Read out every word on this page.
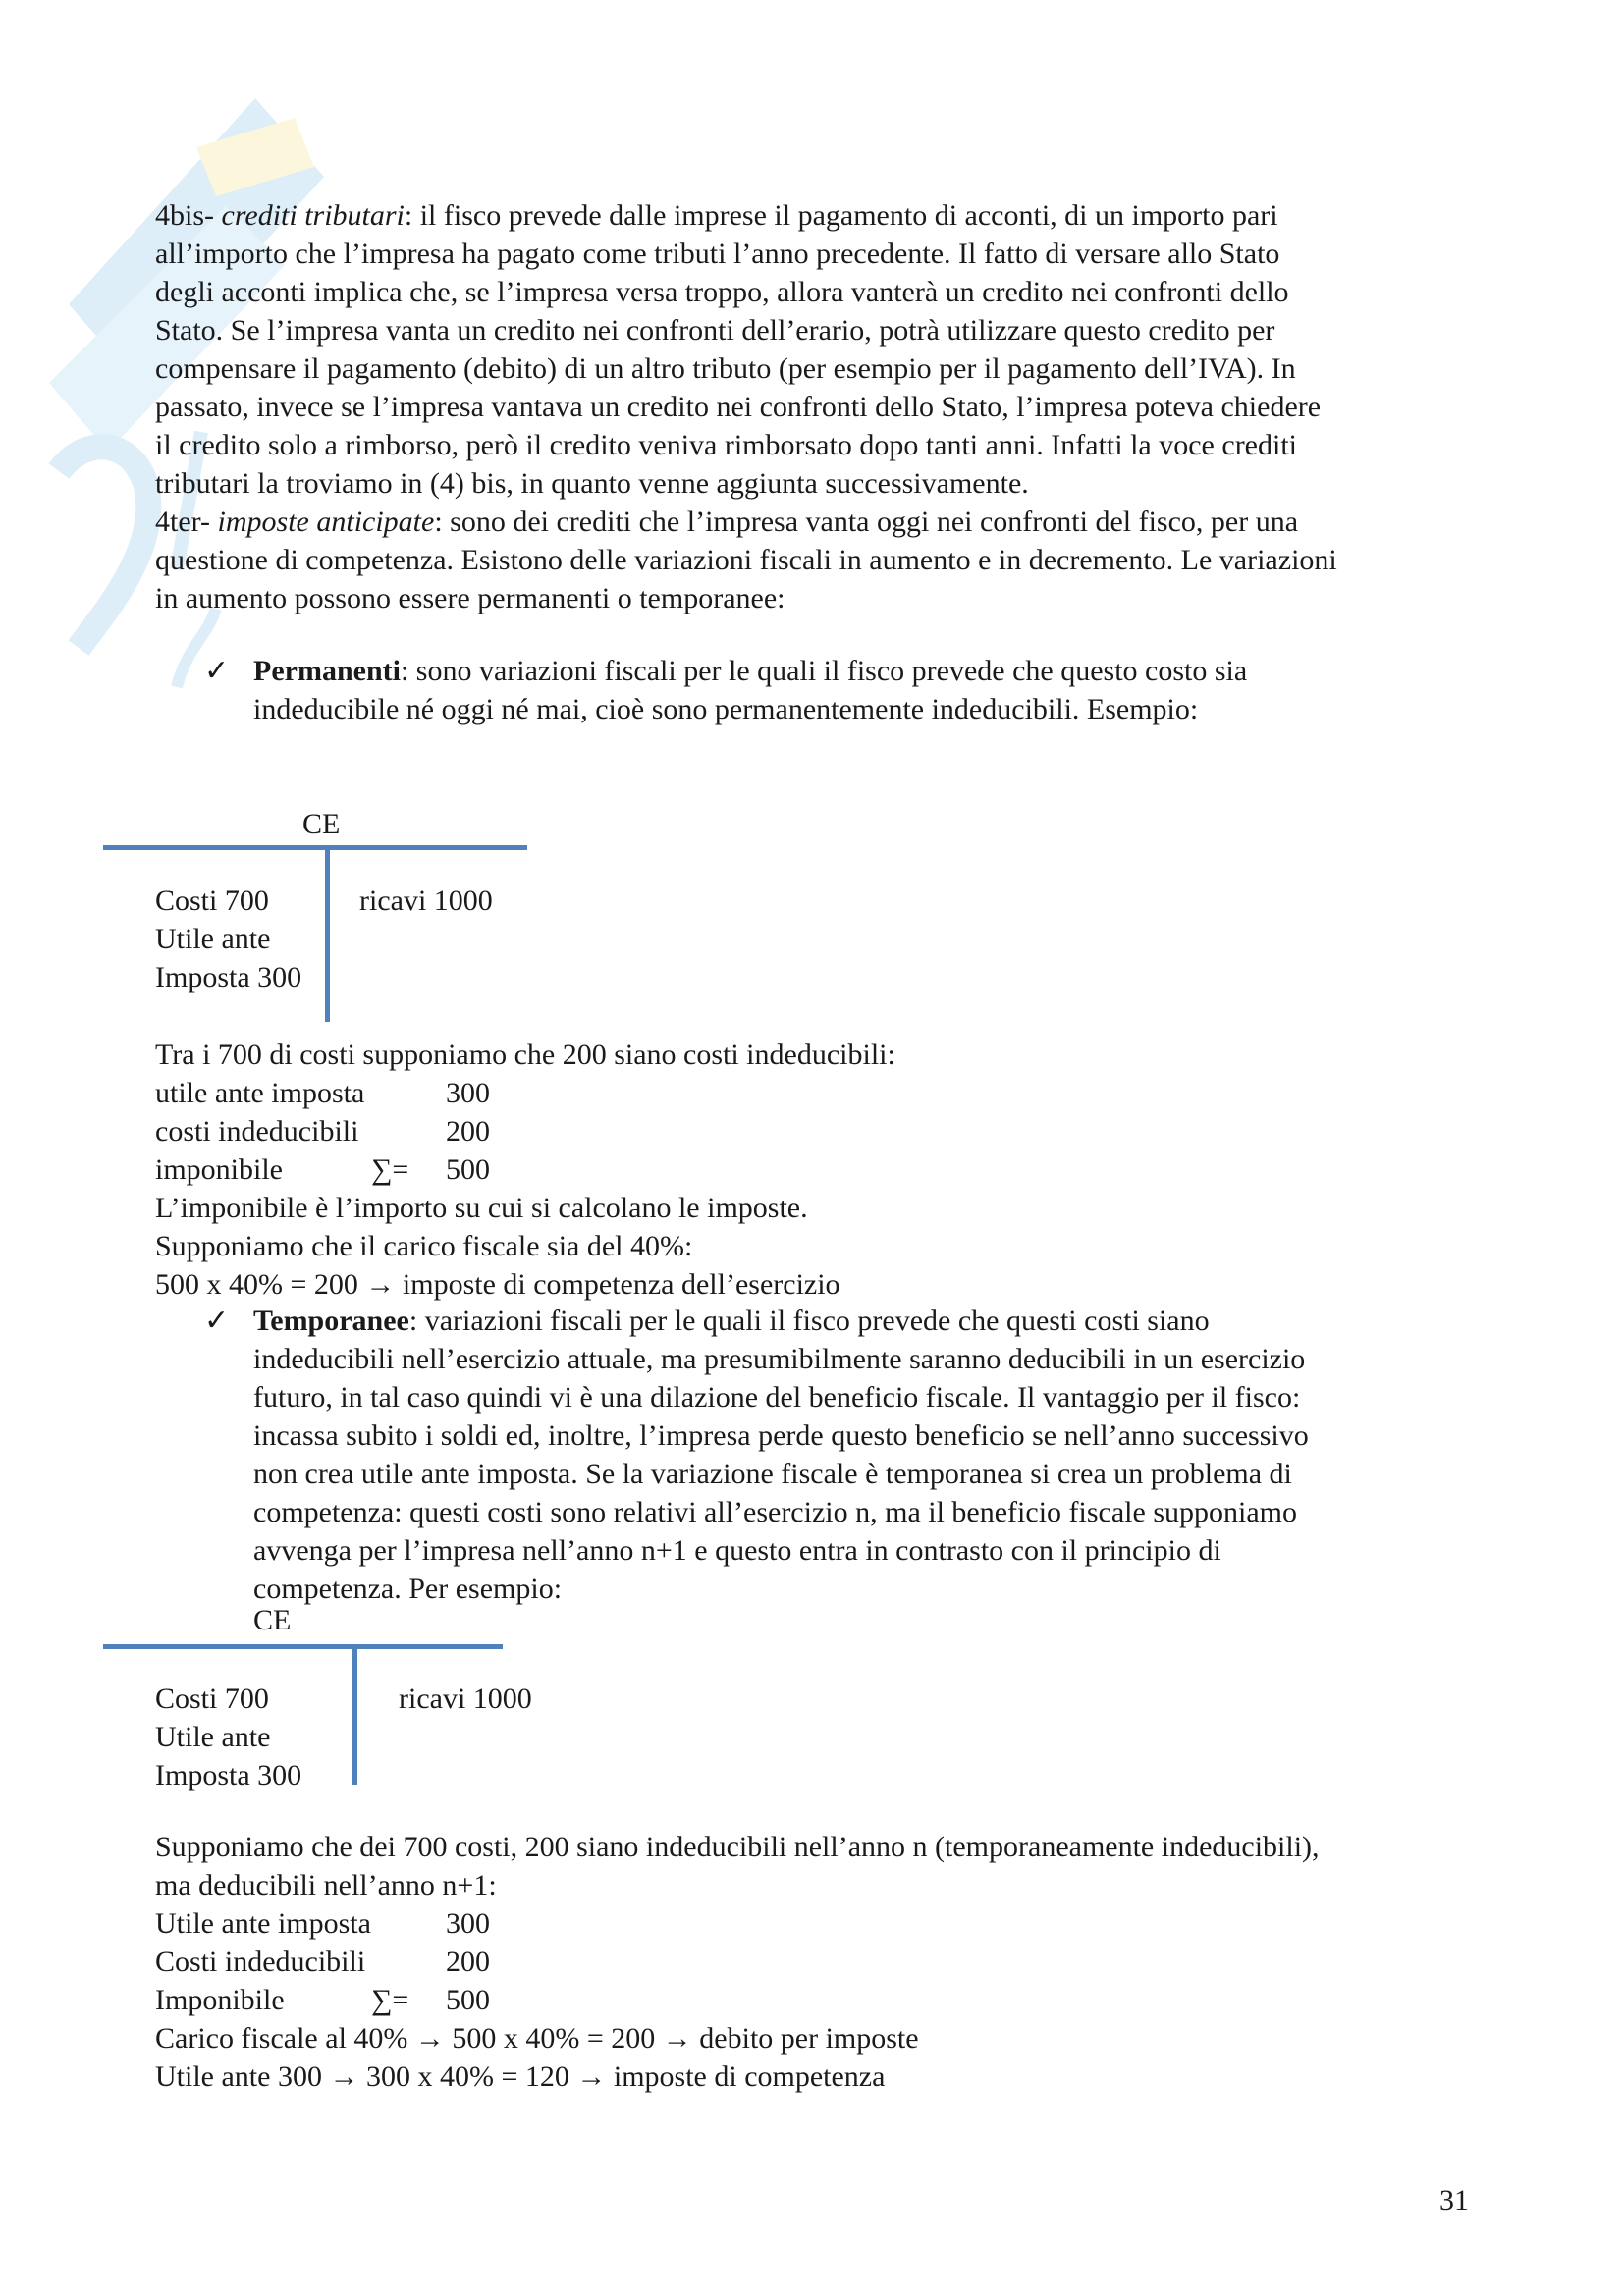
4bis- crediti tributari: il fisco prevede dalle imprese il pagamento di acconti, di un importo pari

all’importo che l’impresa ha pagato come tributi l’anno precedente. Il fatto di versare allo Stato

degli acconti implica che, se l’impresa versa troppo, allora vanterà un credito nei confronti dello

Stato. Se l’impresa vanta un credito nei confronti dell’erario, potrà utilizzare questo credito per

compensare il pagamento (debito) di un altro tributo (per esempio per il pagamento dell’IVA). In

passato, invece se l’impresa vantava un credito nei confronti dello Stato, l’impresa poteva chiedere

il credito solo a rimborso, però il credito veniva rimborsato dopo tanti anni. Infatti la voce crediti

tributari la troviamo in (4) bis, in quanto venne aggiunta successivamente.

4ter- imposte anticipate: sono dei crediti che l’impresa vanta oggi nei confronti del fisco, per una

questione di competenza. Esistono delle variazioni fiscali in aumento e in decremento. Le variazioni

in aumento possono essere permanenti o temporanee:

✓ Permanenti: sono variazioni fiscali per le quali il fisco prevede che questo costo sia

indeducibile né oggi né mai, cioè sono permanentemente indeducibili. Esempio:

CE
Costi 700
Utile ante
Imposta 300
ricavi 1000
Tra i 700 di costi supponiamo che 200 siano costi indeducibili:
utile ante imposta	300
costi indeducibili	200
imponibile	∑= 500
L’imponibile è l’importo su cui si calcolano le imposte.
Supponiamo che il carico fiscale sia del 40%:
500 x 40% = 200 → imposte di competenza dell’esercizio
✓ Temporanee: variazioni fiscali per le quali il fisco prevede che questi costi siano

indeducibili nell’esercizio attuale, ma presumibilmente saranno deducibili in un esercizio

futuro, in tal caso quindi vi è una dilazione del beneficio fiscale. Il vantaggio per il fisco:

incassa subito i soldi ed, inoltre, l’impresa perde questo beneficio se nell’anno successivo

non crea utile ante imposta. Se la variazione fiscale è temporanea si crea un problema di

competenza: questi costi sono relativi all’esercizio n, ma il beneficio fiscale supponiamo

avvenga per l’impresa nell’anno n+1 e questo entra in contrasto con il principio di

competenza. Per esempio:

CE
Costi 700
Utile ante
Imposta 300
ricavi 1000
Supponiamo che dei 700 costi, 200 siano indeducibili nell’anno n (temporaneamente indeducibili),
ma deducibili nell’anno n+1:
Utile ante imposta	300
Costi indeducibili	200
Imponibile	∑= 500
Carico fiscale al 40% → 500 x 40% = 200 → debito per imposte
Utile ante 300 → 300 x 40% = 120 → imposte di competenza
31
